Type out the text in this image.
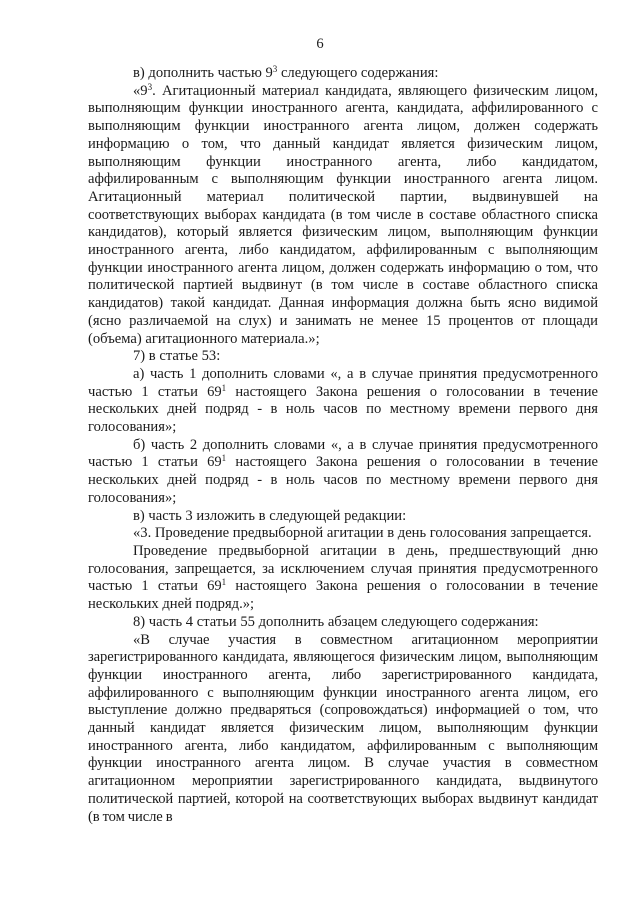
6

в) дополнить частью $9^3$ следующего содержания:

«$9^3$. Агитационный материал кандидата, являющего физическим лицом, выполняющим функции иностранного агента, кандидата, аффилированного с выполняющим функции иностранного агента лицом, должен содержать информацию о том, что данный кандидат является физическим лицом, выполняющим функции иностранного агента, либо кандидатом, аффилированным с выполняющим функции иностранного агента лицом. Агитационный материал политической партии, выдвинувшей на соответствующих выборах кандидата (в том числе в составе областного списка кандидатов), который является физическим лицом, выполняющим функции иностранного агента, либо кандидатом, аффилированным с выполняющим функции иностранного агента лицом, должен содержать информацию о том, что политической партией выдвинут (в том числе в составе областного списка кандидатов) такой кандидат. Данная информация должна быть ясно видимой (ясно различаемой на слух) и занимать не менее 15 процентов от площади (объема) агитационного материала.»;

7) в статье 53:

а) часть 1 дополнить словами «, а в случае принятия предусмотренного частью 1 статьи $69^1$ настоящего Закона решения о голосовании в течение нескольких дней подряд - в ноль часов по местному времени первого дня голосования»;

б) часть 2 дополнить словами «, а в случае принятия предусмотренного частью 1 статьи $69^1$ настоящего Закона решения о голосовании в течение нескольких дней подряд - в ноль часов по местному времени первого дня голосования»;

в) часть 3 изложить в следующей редакции:

«3. Проведение предвыборной агитации в день голосования запрещается.

Проведение предвыборной агитации в день, предшествующий дню голосования, запрещается, за исключением случая принятия предусмотренного частью 1 статьи $69^1$ настоящего Закона решения о голосовании в течение нескольких дней подряд.»;

8) часть 4 статьи 55 дополнить абзацем следующего содержания:

«В случае участия в совместном агитационном мероприятии зарегистрированного кандидата, являющегося физическим лицом, выполняющим функции иностранного агента, либо зарегистрированного кандидата, аффилированного с выполняющим функции иностранного агента лицом, его выступление должно предваряться (сопровождаться) информацией о том, что данный кандидат является физическим лицом, выполняющим функции иностранного агента, либо кандидатом, аффилированным с выполняющим функции иностранного агента лицом. В случае участия в совместном агитационном мероприятии зарегистрированного кандидата, выдвинутого политической партией, которой на соответствующих выборах выдвинут кандидат (в том числе в
